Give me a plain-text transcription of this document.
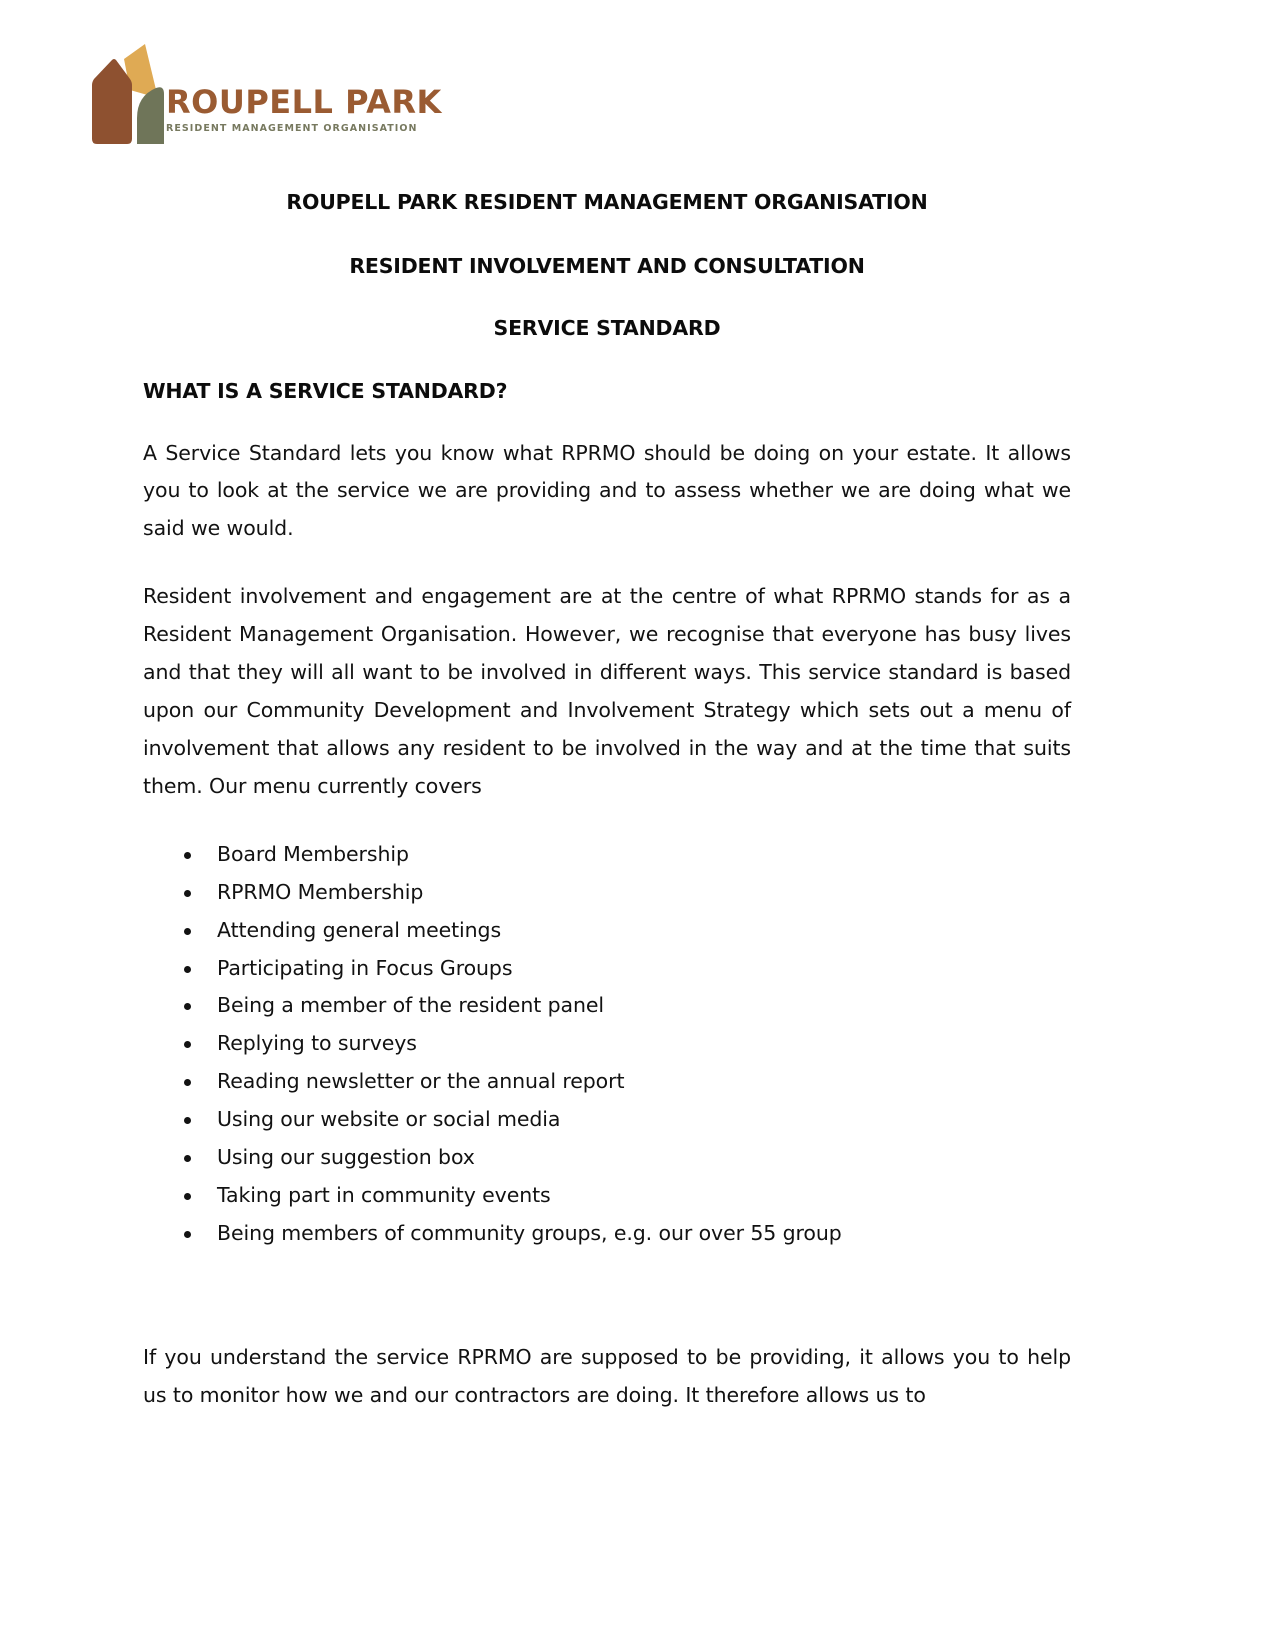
ROUPELL PARK
RESIDENT MANAGEMENT ORGANISATION
ROUPELL PARK RESIDENT MANAGEMENT ORGANISATION
RESIDENT INVOLVEMENT AND CONSULTATION
SERVICE STANDARD
WHAT IS A SERVICE STANDARD?

A Service Standard lets you know what RPRMO should be doing on your estate. It allows you to look at the service we are providing and to assess whether we are doing what we said we would.

Resident involvement and engagement are at the centre of what RPRMO stands for as a Resident Management Organisation. However, we recognise that everyone has busy lives and that they will all want to be involved in different ways. This service standard is based upon our Community Development and Involvement Strategy which sets out a menu of involvement that allows any resident to be involved in the way and at the time that suits them. Our menu currently covers

Board Membership
RPRMO Membership
Attending general meetings
Participating in Focus Groups
Being a member of the resident panel
Replying to surveys
Reading newsletter or the annual report
Using our website or social media
Using our suggestion box
Taking part in community events
Being members of community groups, e.g. our over 55 group

If you understand the service RPRMO are supposed to be providing, it allows you to help us to monitor how we and our contractors are doing. It therefore allows us to
